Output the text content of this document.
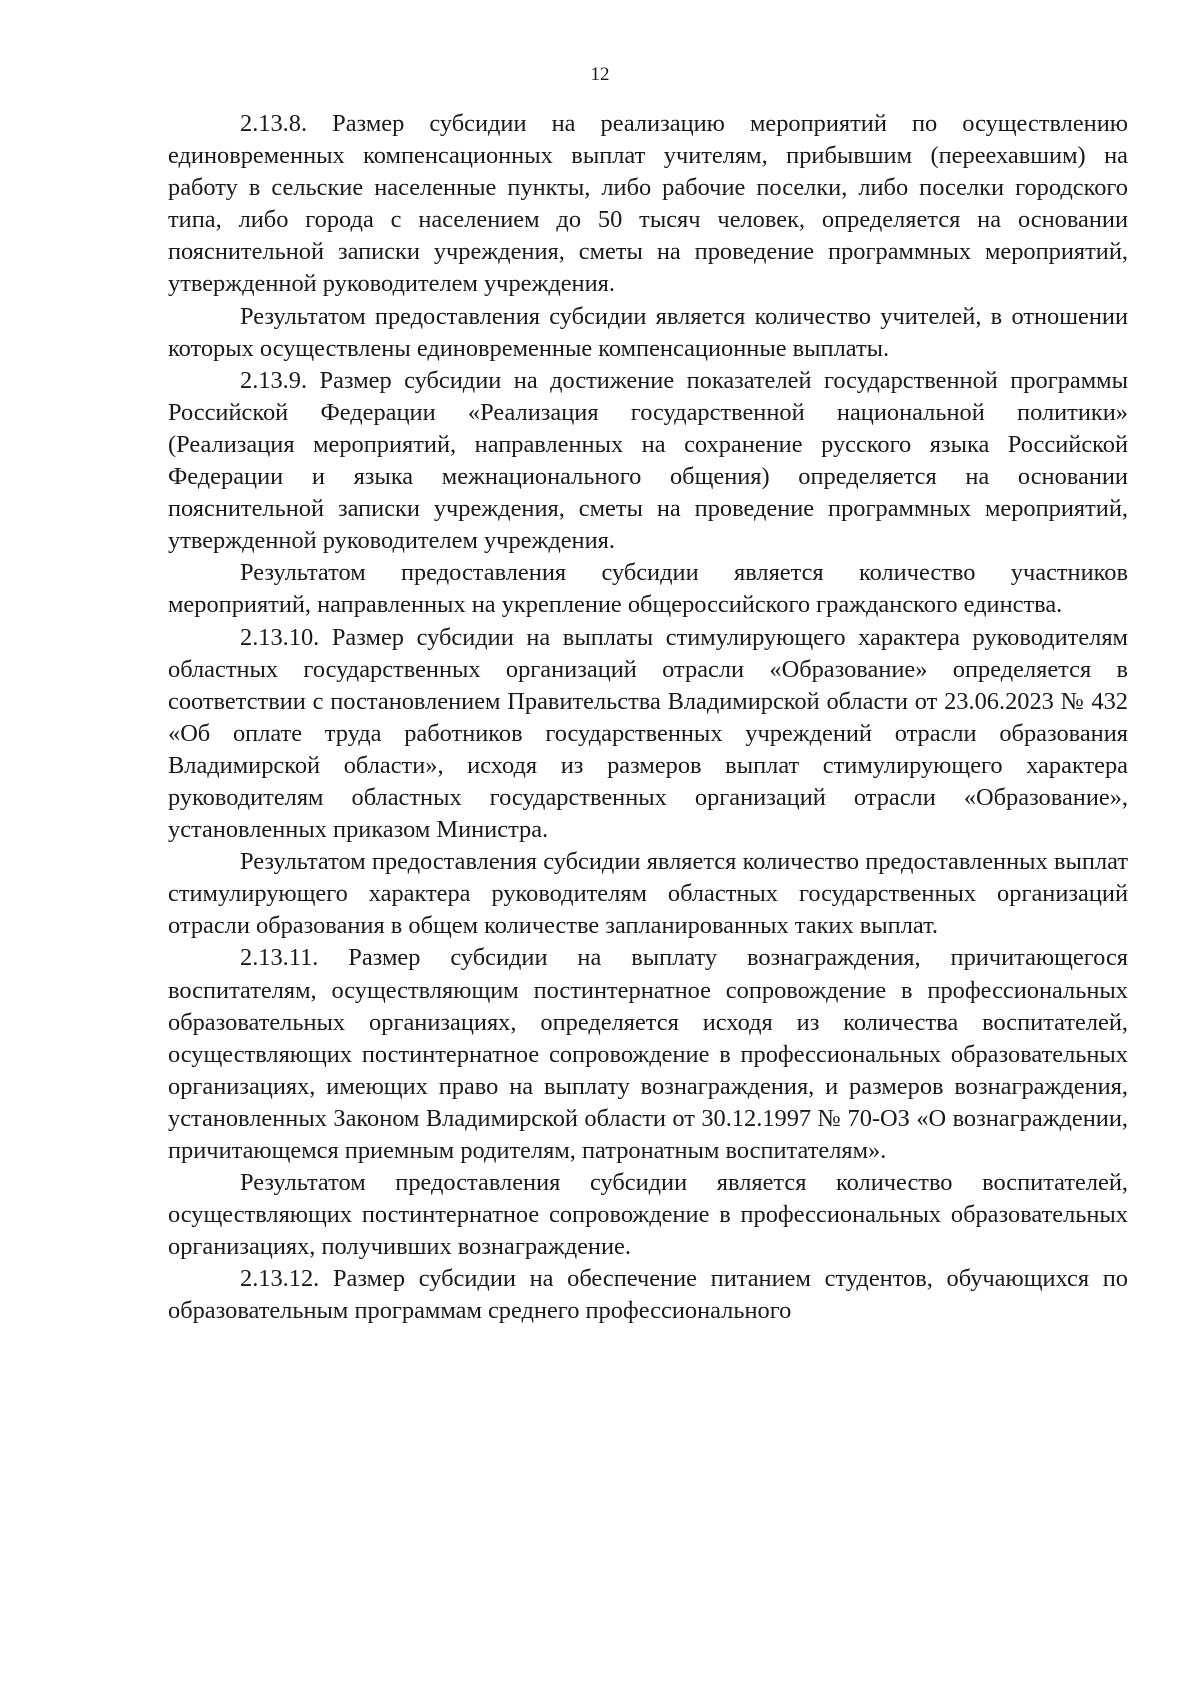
12

2.13.8. Размер субсидии на реализацию мероприятий по осуществлению единовременных компенсационных выплат учителям, прибывшим (переехавшим) на работу в сельские населенные пункты, либо рабочие поселки, либо поселки городского типа, либо города с населением до 50 тысяч человек, определяется на основании пояснительной записки учреждения, сметы на проведение программных мероприятий, утвержденной руководителем учреждения.

Результатом предоставления субсидии является количество учителей, в отношении которых осуществлены единовременные компенсационные выплаты.

2.13.9. Размер субсидии на достижение показателей государственной программы Российской Федерации «Реализация государственной национальной политики» (Реализация мероприятий, направленных на сохранение русского языка Российской Федерации и языка межнационального общения) определяется на основании пояснительной записки учреждения, сметы на проведение программных мероприятий, утвержденной руководителем учреждения.

Результатом предоставления субсидии является количество участников мероприятий, направленных на укрепление общероссийского гражданского единства.

2.13.10. Размер субсидии на выплаты стимулирующего характера руководителям областных государственных организаций отрасли «Образование» определяется в соответствии с постановлением Правительства Владимирской области от 23.06.2023 № 432 «Об оплате труда работников государственных учреждений отрасли образования Владимирской области», исходя из размеров выплат стимулирующего характера руководителям областных государственных организаций отрасли «Образование», установленных приказом Министра.

Результатом предоставления субсидии является количество предоставленных выплат стимулирующего характера руководителям областных государственных организаций отрасли образования в общем количестве запланированных таких выплат.

2.13.11. Размер субсидии на выплату вознаграждения, причитающегося воспитателям, осуществляющим постинтернатное сопровождение в профессиональных образовательных организациях, определяется исходя из количества воспитателей, осуществляющих постинтернатное сопровождение в профессиональных образовательных организациях, имеющих право на выплату вознаграждения, и размеров вознаграждения, установленных Законом Владимирской области от 30.12.1997 № 70-ОЗ «О вознаграждении, причитающемся приемным родителям, патронатным воспитателям».

Результатом предоставления субсидии является количество воспитателей, осуществляющих постинтернатное сопровождение в профессиональных образовательных организациях, получивших вознаграждение.

2.13.12. Размер субсидии на обеспечение питанием студентов, обучающихся по образовательным программам среднего профессионального
